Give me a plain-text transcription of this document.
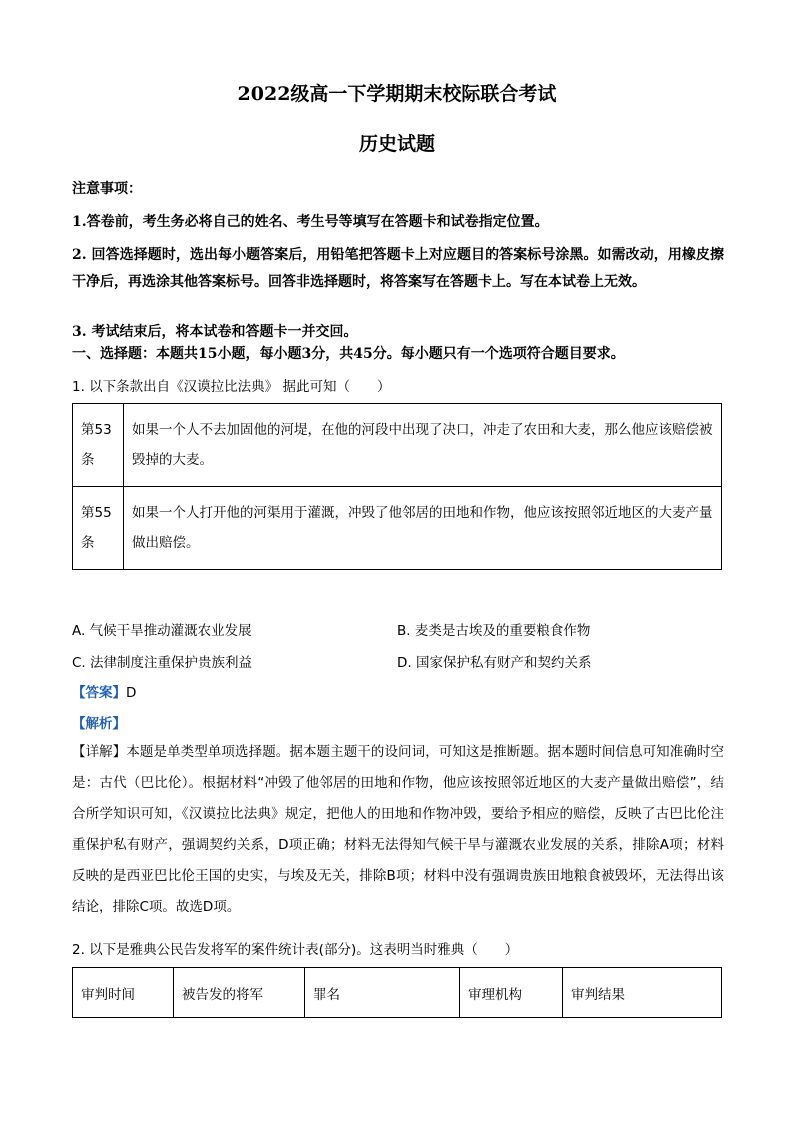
2022级高一下学期期末校际联合考试
历史试题
注意事项：
1.答卷前，考生务必将自己的姓名、考生号等填写在答题卡和试卷指定位置。
2. 回答选择题时，选出每小题答案后，用铅笔把答题卡上对应题目的答案标号涂黑。如需改动，用橡皮擦干净后，再选涂其他答案标号。回答非选择题时，将答案写在答题卡上。写在本试卷上无效。
3. 考试结束后，将本试卷和答题卡一并交回。
一、选择题：本题共15小题，每小题3分，共45分。每小题只有一个选项符合题目要求。
1. 以下条款出自《汉谟拉比法典》 据此可知（　　）
第53条	如果一个人不去加固他的河堤，在他的河段中出现了决口，冲走了农田和大麦，那么他应该赔偿被毁掉的大麦。

第55条	如果一个人打开他的河渠用于灌溉，冲毁了他邻居的田地和作物，他应该按照邻近地区的大麦产量做出赔偿。
A. 气候干旱推动灌溉农业发展	B. 麦类是古埃及的重要粮食作物
C. 法律制度注重保护贵族利益	D. 国家保护私有财产和契约关系
【答案】D
【解析】
【详解】本题是单类型单项选择题。据本题主题干的设问词，可知这是推断题。据本题时间信息可知准确时空是：古代（巴比伦）。根据材料“冲毁了他邻居的田地和作物，他应该按照邻近地区的大麦产量做出赔偿”，结合所学知识可知，《汉谟拉比法典》规定，把他人的田地和作物冲毁，要给予相应的赔偿，反映了古巴比伦注重保护私有财产，强调契约关系，D项正确；材料无法得知气候干旱与灌溉农业发展的关系，排除A项；材料反映的是西亚巴比伦王国的史实，与埃及无关，排除B项；材料中没有强调贵族田地粮食被毁坏，无法得出该结论，排除C项。故选D项。
2. 以下是雅典公民告发将军的案件统计表(部分)。这表明当时雅典（　　）
审判时间	被告发的将军	罪名	审理机构	审判结果
